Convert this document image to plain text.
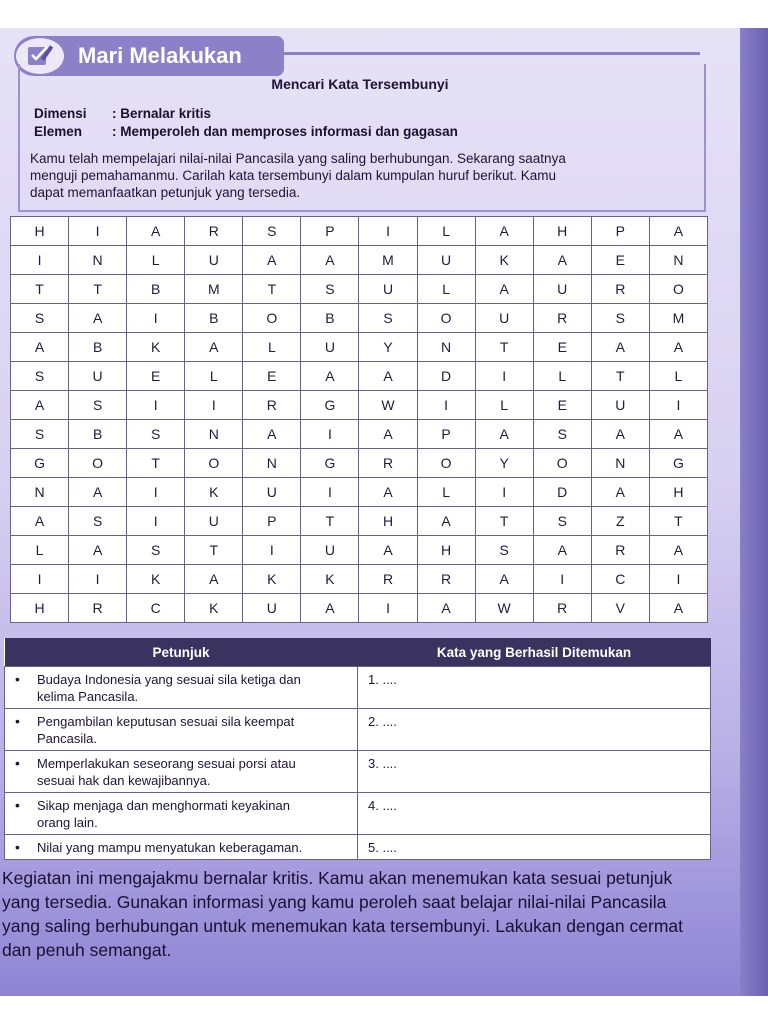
Mari Melakukan
Mencari Kata Tersembunyi
Dimensi : Bernalar kritis
Elemen : Memperoleh dan memproses informasi dan gagasan
Kamu telah mempelajari nilai-nilai Pancasila yang saling berhubungan. Sekarang saatnya
menguji pemahamanmu. Carilah kata tersembunyi dalam kumpulan huruf berikut. Kamu
dapat memanfaatkan petunjuk yang tersedia.
H	I	A	R	S	P	I	L	A	H	P	A
I	N	L	U	A	A	M	U	K	A	E	N
T	T	B	M	T	S	U	L	A	U	R	O
S	A	I	B	O	B	S	O	U	R	S	M
A	B	K	A	L	U	Y	N	T	E	A	A
S	U	E	L	E	A	A	D	I	L	T	L
A	S	I	I	R	G	W	I	L	E	U	I
S	B	S	N	A	I	A	P	A	S	A	A
G	O	T	O	N	G	R	O	Y	O	N	G
N	A	I	K	U	I	A	L	I	D	A	H
A	S	I	U	P	T	H	A	T	S	Z	T
L	A	S	T	I	U	A	H	S	A	R	A
I	I	K	A	K	K	R	R	A	I	C	I
H	R	C	K	U	A	I	A	W	R	V	A
Petunjuk	Kata yang Berhasil Ditemukan

• Budaya Indonesia yang sesuai sila ketiga dan
kelima Pancasila.	1. ....

• Pengambilan keputusan sesuai sila keempat
Pancasila.	2. ....

• Memperlakukan seseorang sesuai porsi atau
sesuai hak dan kewajibannya.	3. ....

• Sikap menjaga dan menghormati keyakinan
orang lain.	4. ....

• Nilai yang mampu menyatukan keberagaman.	5. ....
Kegiatan ini mengajakmu bernalar kritis. Kamu akan menemukan kata sesuai petunjuk
yang tersedia. Gunakan informasi yang kamu peroleh saat belajar nilai-nilai Pancasila
yang saling berhubungan untuk menemukan kata tersembunyi. Lakukan dengan cermat
dan penuh semangat.
